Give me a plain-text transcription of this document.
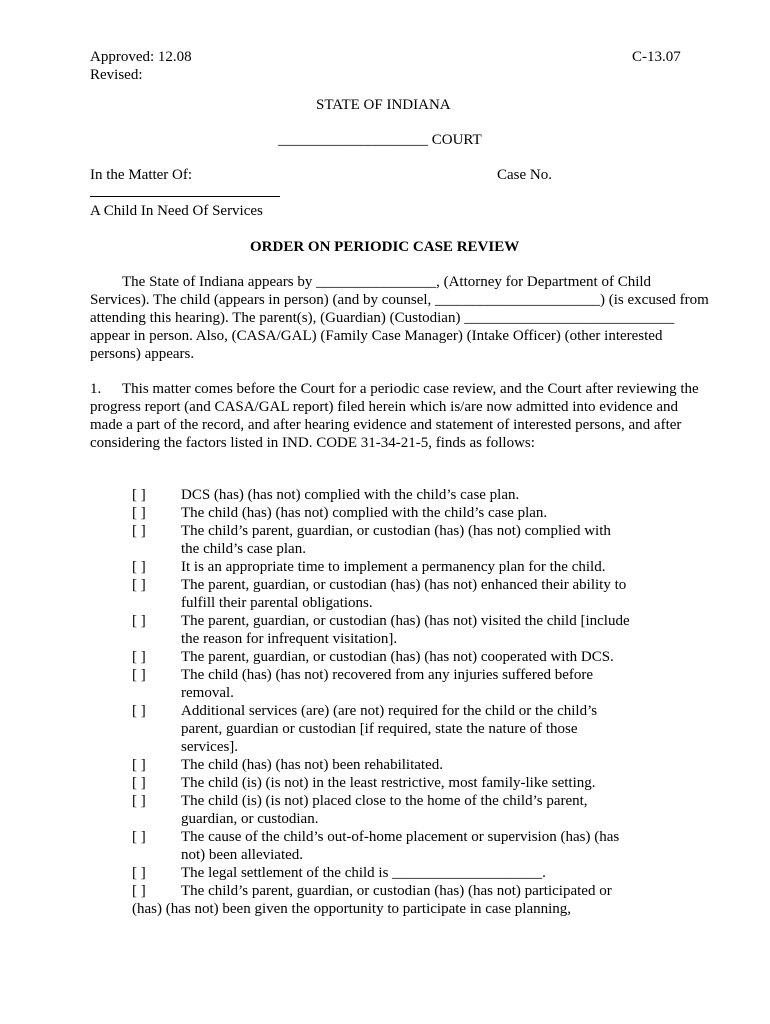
Approved: 12.08
Revised:
C-13.07
STATE OF INDIANA
____________________ COURT
In the Matter Of:	Case No.
A Child In Need Of Services
ORDER ON PERIODIC CASE REVIEW

The State of Indiana appears by ________________, (Attorney for Department of Child Services). The child (appears in person) (and by counsel, ______________________) (is excused from attending this hearing). The parent(s), (Guardian) (Custodian) ____________________________ appear in person. Also, (CASA/GAL) (Family Case Manager) (Intake Officer) (other interested persons) appears.

1. This matter comes before the Court for a periodic case review, and the Court after reviewing the progress report (and CASA/GAL report) filed herein which is/are now admitted into evidence and made a part of the record, and after hearing evidence and statement of interested persons, and after considering the factors listed in IND. CODE 31-34-21-5, finds as follows:

[ ]	DCS (has) (has not) complied with the child’s case plan.
[ ]	The child (has) (has not) complied with the child’s case plan.
[ ]	The child’s parent, guardian, or custodian (has) (has not) complied with the child’s case plan.
[ ]	It is an appropriate time to implement a permanency plan for the child.
[ ]	The parent, guardian, or custodian (has) (has not) enhanced their ability to fulfill their parental obligations.
[ ]	The parent, guardian, or custodian (has) (has not) visited the child [include the reason for infrequent visitation].
[ ]	The parent, guardian, or custodian (has) (has not) cooperated with DCS.
[ ]	The child (has) (has not) recovered from any injuries suffered before removal.
[ ]	Additional services (are) (are not) required for the child or the child’s parent, guardian or custodian [if required, state the nature of those services].
[ ]	The child (has) (has not) been rehabilitated.
[ ]	The child (is) (is not) in the least restrictive, most family-like setting.
[ ]	The child (is) (is not) placed close to the home of the child’s parent, guardian, or custodian.
[ ]	The cause of the child’s out-of-home placement or supervision (has) (has not) been alleviated.
[ ]	The legal settlement of the child is ____________________.
[ ]	The child’s parent, guardian, or custodian (has) (has not) participated or
(has) (has not) been given the opportunity to participate in case planning,
